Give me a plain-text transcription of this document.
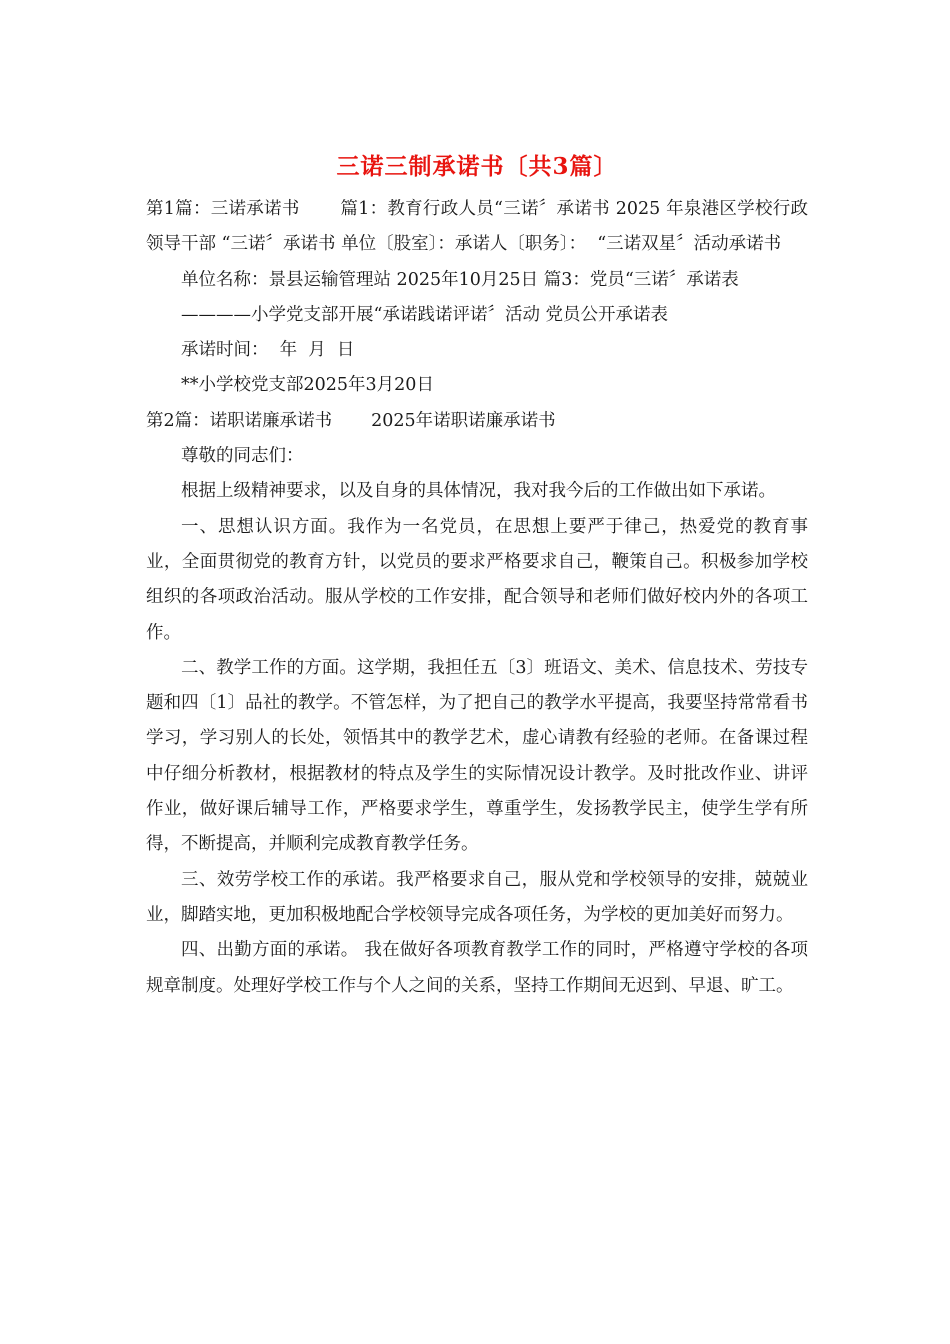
三诺三制承诺书〔共3篇〕

第1篇：三诺承诺书       篇1：教育行政人员“三诺〞承诺书 2025 年泉港区学校行政领导干部 “三诺〞承诺书 单位〔股室〕：承诺人〔职务〕：  “三诺双星〞活动承诺书

单位名称：景县运输管理站 2025年10月25日 篇3：党员“三诺〞承诺表

————小学党支部开展“承诺践诺评诺〞活动 党员公开承诺表

承诺时间：  年  月  日

**小学校党支部2025年3月20日

第2篇：诺职诺廉承诺书       2025年诺职诺廉承诺书

尊敬的同志们：

根据上级精神要求，以及自身的具体情况，我对我今后的工作做出如下承诺。

一、思想认识方面。我作为一名党员，在思想上要严于律己，热爱党的教育事业，全面贯彻党的教育方针，以党员的要求严格要求自己，鞭策自己。积极参加学校组织的各项政治活动。服从学校的工作安排，配合领导和老师们做好校内外的各项工作。

二、教学工作的方面。这学期，我担任五〔3〕班语文、美术、信息技术、劳技专题和四〔1〕品社的教学。不管怎样，为了把自己的教学水平提高，我要坚持常常看书学习，学习别人的长处，领悟其中的教学艺术，虚心请教有经验的老师。在备课过程中仔细分析教材，根据教材的特点及学生的实际情况设计教学。及时批改作业、讲评作业，做好课后辅导工作，严格要求学生，尊重学生，发扬教学民主，使学生学有所得，不断提高，并顺利完成教育教学任务。

三、效劳学校工作的承诺。我严格要求自己，服从党和学校领导的安排，兢兢业业，脚踏实地，更加积极地配合学校领导完成各项任务，为学校的更加美好而努力。

四、出勤方面的承诺。 我在做好各项教育教学工作的同时，严格遵守学校的各项规章制度。处理好学校工作与个人之间的关系，坚持工作期间无迟到、早退、旷工。
